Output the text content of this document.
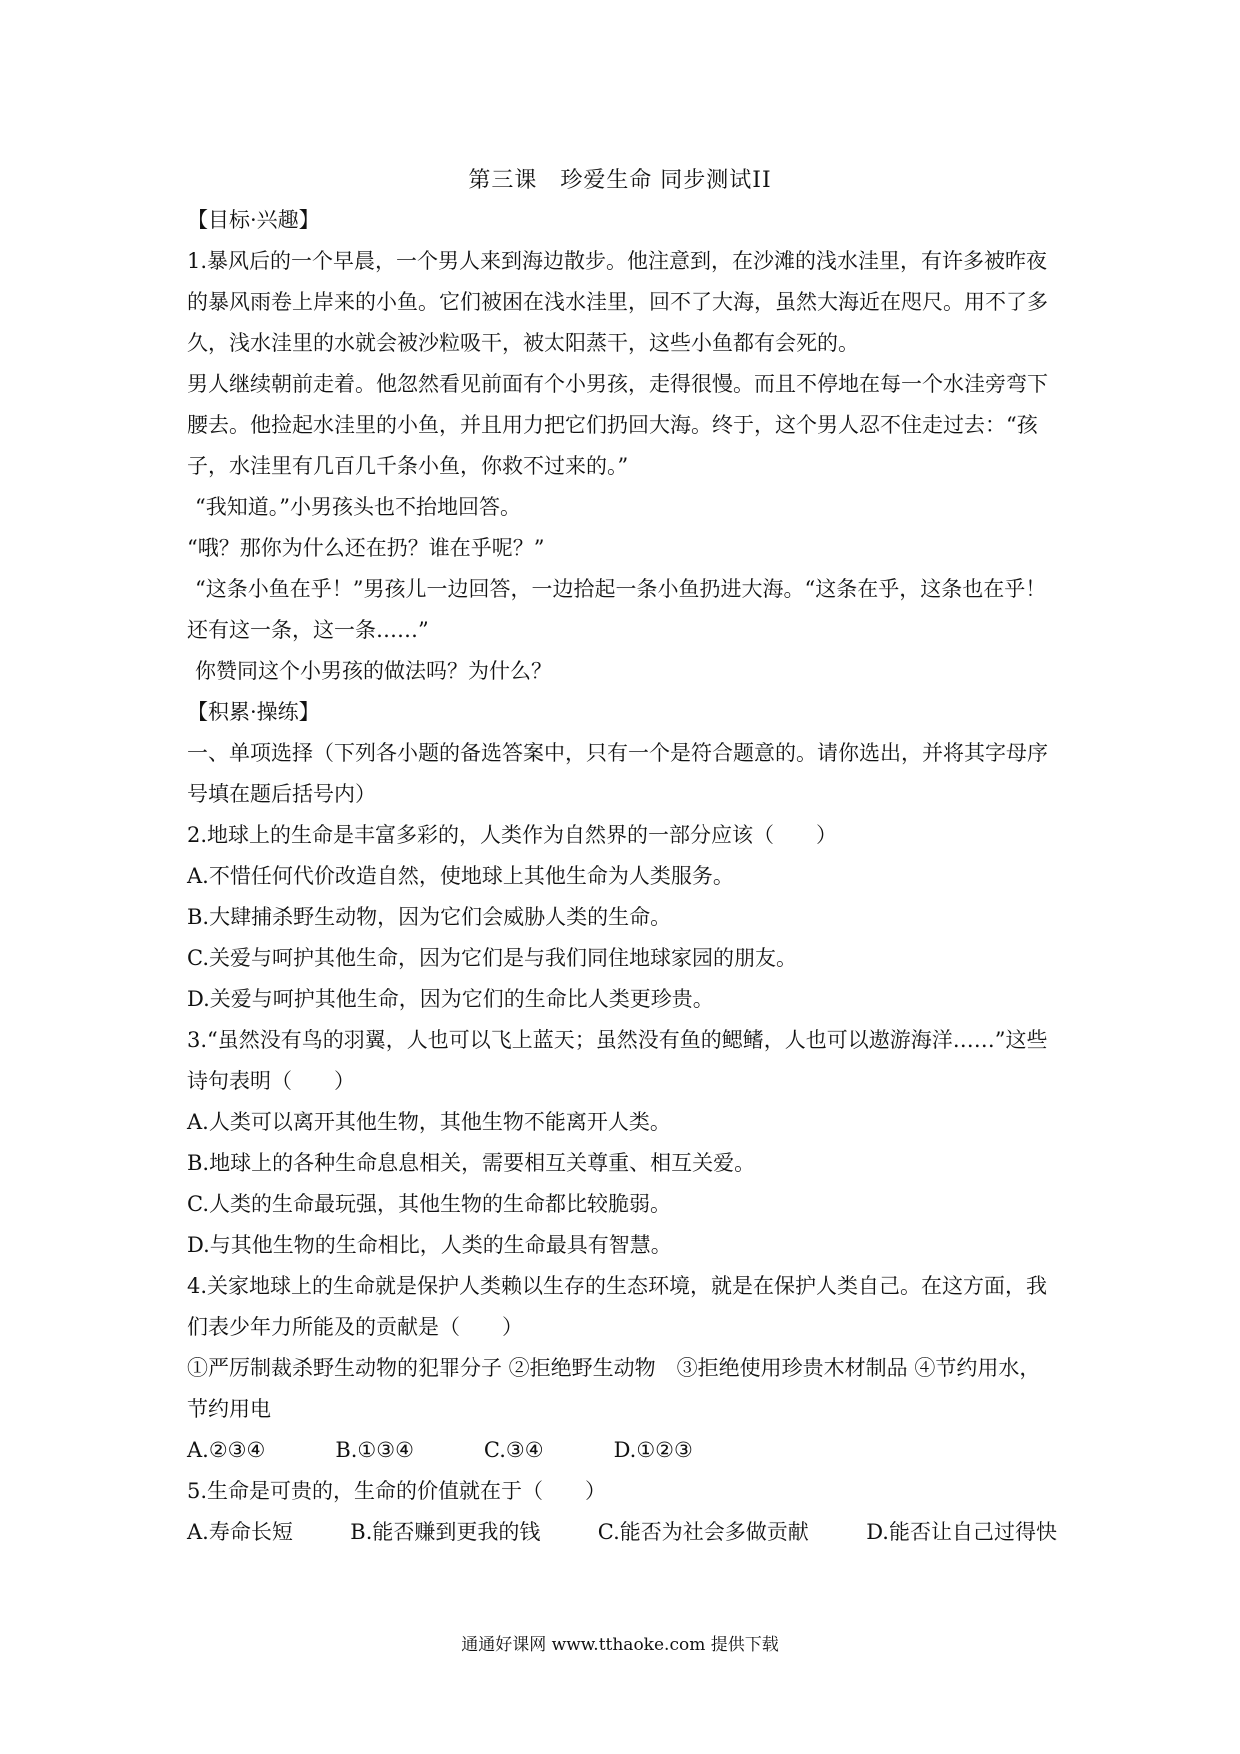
第三课　珍爱生命 同步测试II

【目标·兴趣】

1.暴风后的一个早晨，一个男人来到海边散步。他注意到，在沙滩的浅水洼里，有许多被昨夜的暴风雨卷上岸来的小鱼。它们被困在浅水洼里，回不了大海，虽然大海近在咫尺。用不了多久，浅水洼里的水就会被沙粒吸干，被太阳蒸干，这些小鱼都有会死的。

男人继续朝前走着。他忽然看见前面有个小男孩，走得很慢。而且不停地在每一个水洼旁弯下腰去。他捡起水洼里的小鱼，并且用力把它们扔回大海。终于，这个男人忍不住走过去：“孩子，水洼里有几百几千条小鱼，你救不过来的。”

“我知道。”小男孩头也不抬地回答。

“哦？那你为什么还在扔？谁在乎呢？”

“这条小鱼在乎！”男孩儿一边回答，一边拾起一条小鱼扔进大海。“这条在乎，这条也在乎！还有这一条，这一条……”

你赞同这个小男孩的做法吗？为什么？

【积累·操练】

一、单项选择（下列各小题的备选答案中，只有一个是符合题意的。请你选出，并将其字母序号填在题后括号内）

2.地球上的生命是丰富多彩的，人类作为自然界的一部分应该（　　）

A.不惜任何代价改造自然，使地球上其他生命为人类服务。

B.大肆捕杀野生动物，因为它们会威胁人类的生命。

C.关爱与呵护其他生命，因为它们是与我们同住地球家园的朋友。

D.关爱与呵护其他生命，因为它们的生命比人类更珍贵。

3.“虽然没有鸟的羽翼，人也可以飞上蓝天；虽然没有鱼的鳃鳍，人也可以遨游海洋……”这些诗句表明（　　）

A.人类可以离开其他生物，其他生物不能离开人类。

B.地球上的各种生命息息相关，需要相互关尊重、相互关爱。

C.人类的生命最玩强，其他生物的生命都比较脆弱。

D.与其他生物的生命相比，人类的生命最具有智慧。

4.关家地球上的生命就是保护人类赖以生存的生态环境，就是在保护人类自己。在这方面，我们表少年力所能及的贡献是（　　）

①严厉制裁杀野生动物的犯罪分子 ②拒绝野生动物　③拒绝使用珍贵木材制品 ④节约用水，节约用电

A.②③④	B.①③④	C.③④	D.①②③

5.生命是可贵的，生命的价值就在于（　　）

A.寿命长短	B.能否赚到更我的钱	C.能否为社会多做贡献	D.能否让自己过得快
通通好课网 www.tthaoke.com 提供下载
